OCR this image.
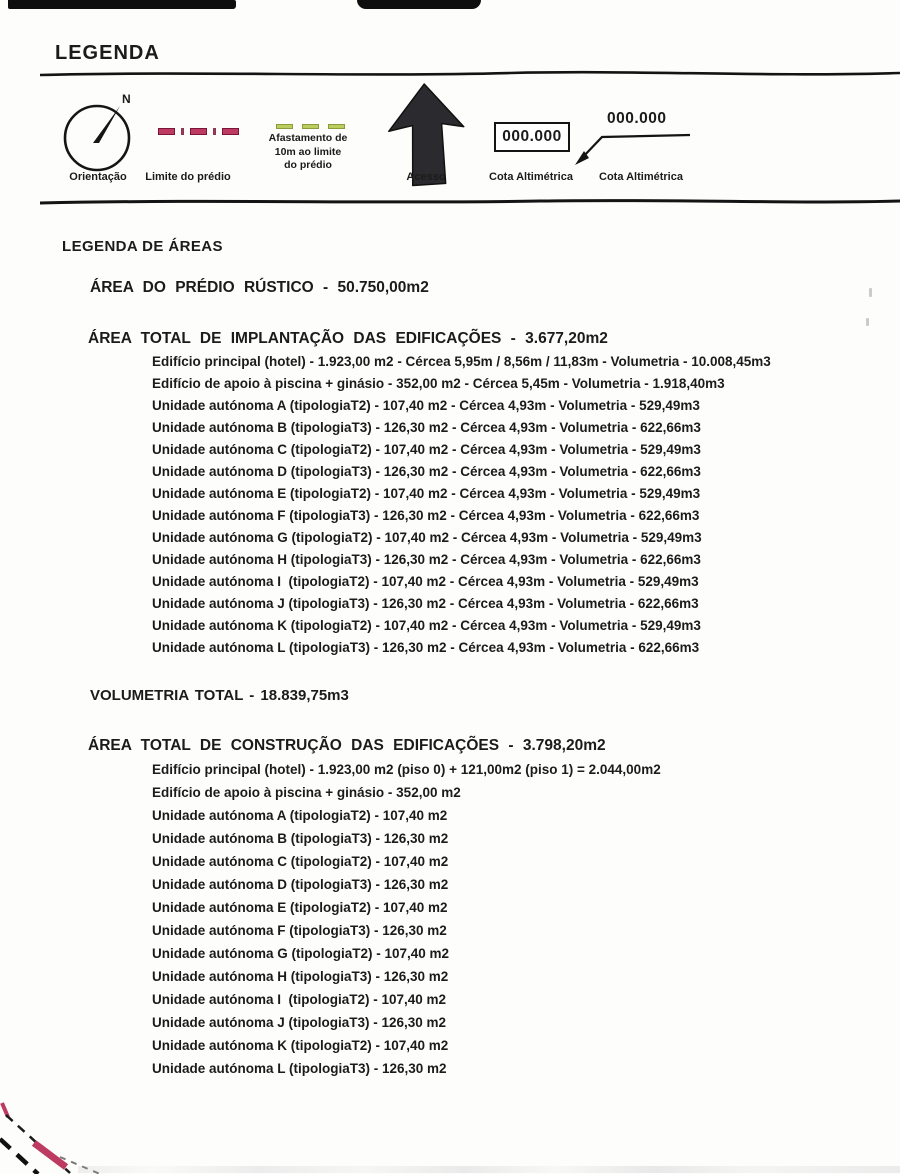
LEGENDA
N
Orientação Limite do prédio
Afastamento de
10m ao limite
do prédio
Acesso
000.000
Cota Altimétrica
000.000
Cota Altimétrica
LEGENDA DE ÁREAS
ÁREA DO PRÉDIO RÚSTICO - 50.750,00m2
ÁREA TOTAL DE IMPLANTAÇÃO DAS EDIFICAÇÕES - 3.677,20m2
Edifício principal (hotel) - 1.923,00 m2 - Cércea 5,95m / 8,56m / 11,83m - Volumetria - 10.008,45m3
Edifício de apoio à piscina + ginásio - 352,00 m2 - Cércea 5,45m - Volumetria - 1.918,40m3
Unidade autónoma A (tipologiaT2) - 107,40 m2 - Cércea 4,93m - Volumetria - 529,49m3
Unidade autónoma B (tipologiaT3) - 126,30 m2 - Cércea 4,93m - Volumetria - 622,66m3
Unidade autónoma C (tipologiaT2) - 107,40 m2 - Cércea 4,93m - Volumetria - 529,49m3
Unidade autónoma D (tipologiaT3) - 126,30 m2 - Cércea 4,93m - Volumetria - 622,66m3
Unidade autónoma E (tipologiaT2) - 107,40 m2 - Cércea 4,93m - Volumetria - 529,49m3
Unidade autónoma F (tipologiaT3) - 126,30 m2 - Cércea 4,93m - Volumetria - 622,66m3
Unidade autónoma G (tipologiaT2) - 107,40 m2 - Cércea 4,93m - Volumetria - 529,49m3
Unidade autónoma H (tipologiaT3) - 126,30 m2 - Cércea 4,93m - Volumetria - 622,66m3
Unidade autónoma I  (tipologiaT2) - 107,40 m2 - Cércea 4,93m - Volumetria - 529,49m3
Unidade autónoma J (tipologiaT3) - 126,30 m2 - Cércea 4,93m - Volumetria - 622,66m3
Unidade autónoma K (tipologiaT2) - 107,40 m2 - Cércea 4,93m - Volumetria - 529,49m3
Unidade autónoma L (tipologiaT3) - 126,30 m2 - Cércea 4,93m - Volumetria - 622,66m3
VOLUMETRIA TOTAL - 18.839,75m3
ÁREA TOTAL DE CONSTRUÇÃO DAS EDIFICAÇÕES - 3.798,20m2
Edifício principal (hotel) - 1.923,00 m2 (piso 0) + 121,00m2 (piso 1) = 2.044,00m2
Edifício de apoio à piscina + ginásio - 352,00 m2
Unidade autónoma A (tipologiaT2) - 107,40 m2
Unidade autónoma B (tipologiaT3) - 126,30 m2
Unidade autónoma C (tipologiaT2) - 107,40 m2
Unidade autónoma D (tipologiaT3) - 126,30 m2
Unidade autónoma E (tipologiaT2) - 107,40 m2
Unidade autónoma F (tipologiaT3) - 126,30 m2
Unidade autónoma G (tipologiaT2) - 107,40 m2
Unidade autónoma H (tipologiaT3) - 126,30 m2
Unidade autónoma I  (tipologiaT2) - 107,40 m2
Unidade autónoma J (tipologiaT3) - 126,30 m2
Unidade autónoma K (tipologiaT2) - 107,40 m2
Unidade autónoma L (tipologiaT3) - 126,30 m2
